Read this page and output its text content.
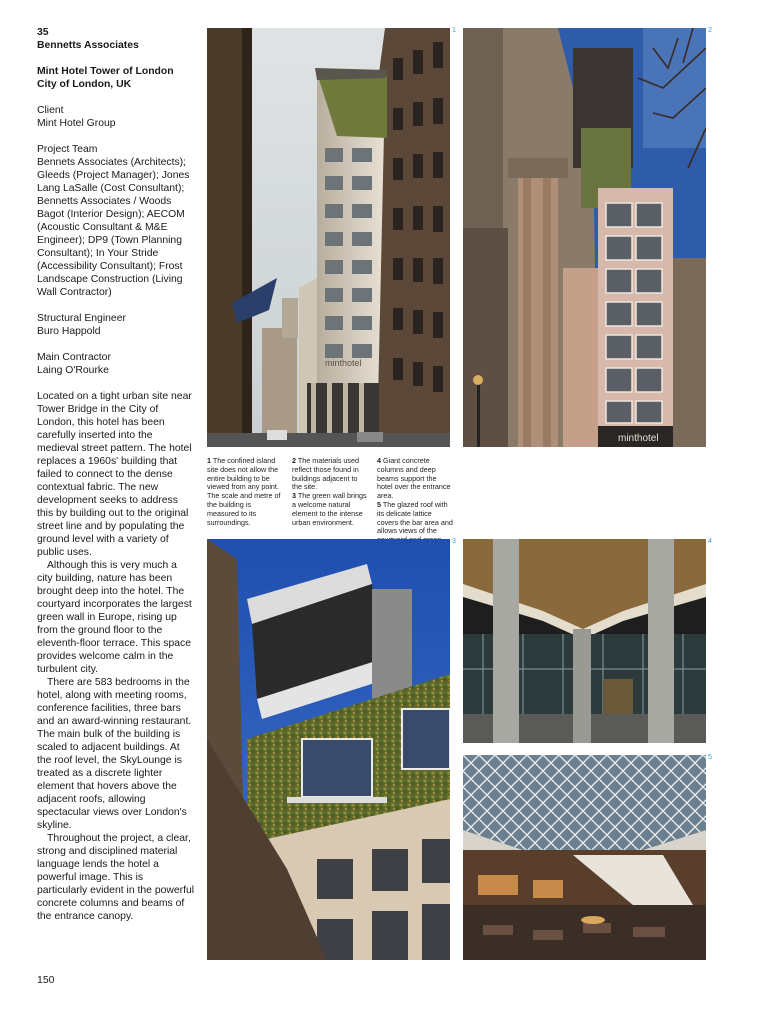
35

Bennetts Associates

Mint Hotel Tower of London

City of London, UK

Client

Mint Hotel Group

Project Team

Bennets Associates (Architects); Gleeds (Project Manager); Jones Lang LaSalle (Cost Consultant); Bennetts Associates / Woods Bagot (Interior Design); AECOM (Acoustic Consultant & M&E Engineer); DP9 (Town Planning Consultant); In Your Stride (Accessibility Consultant); Frost Landscape Construction (Living Wall Contractor)

Structural Engineer

Buro Happold

Main Contractor

Laing O'Rourke

Located on a tight urban site near Tower Bridge in the City of London, this hotel has been carefully inserted into the medieval street pattern. The hotel replaces a 1960s' building that failed to connect to the dense contextual fabric. The new development seeks to address this by building out to the original street line and by populating the ground level with a variety of public uses.

Although this is very much a city building, nature has been brought deep into the hotel. The courtyard incorporates the largest green wall in Europe, rising up from the ground floor to the eleventh-floor terrace. This space provides welcome calm in the turbulent city.

There are 583 bedrooms in the hotel, along with meeting rooms, conference facilities, three bars and an award-winning restaurant. The main bulk of the building is scaled to adjacent buildings. At the roof level, the SkyLounge is treated as a discrete lighter element that hovers above the adjacent roofs, allowing spectacular views over London's skyline.

Throughout the project, a clear, strong and disciplined material language lends the hotel a powerful image. This is particularly evident in the powerful concrete columns and beams of the entrance canopy.

150
minthotel
1
minthotel
2

1 The confined island site does not allow the entire building to be viewed from any point. The scale and metre of the building is measured to its surroundings.

2 The materials used reflect those found in buildings adjacent to the site.

3 The green wall brings a welcome natural element to the intense urban environment.

4 Giant concrete columns and deep beams support the hotel over the entrance area.

5 The glazed roof with its delicate lattice covers the bar area and allows views of the

3	4
5
